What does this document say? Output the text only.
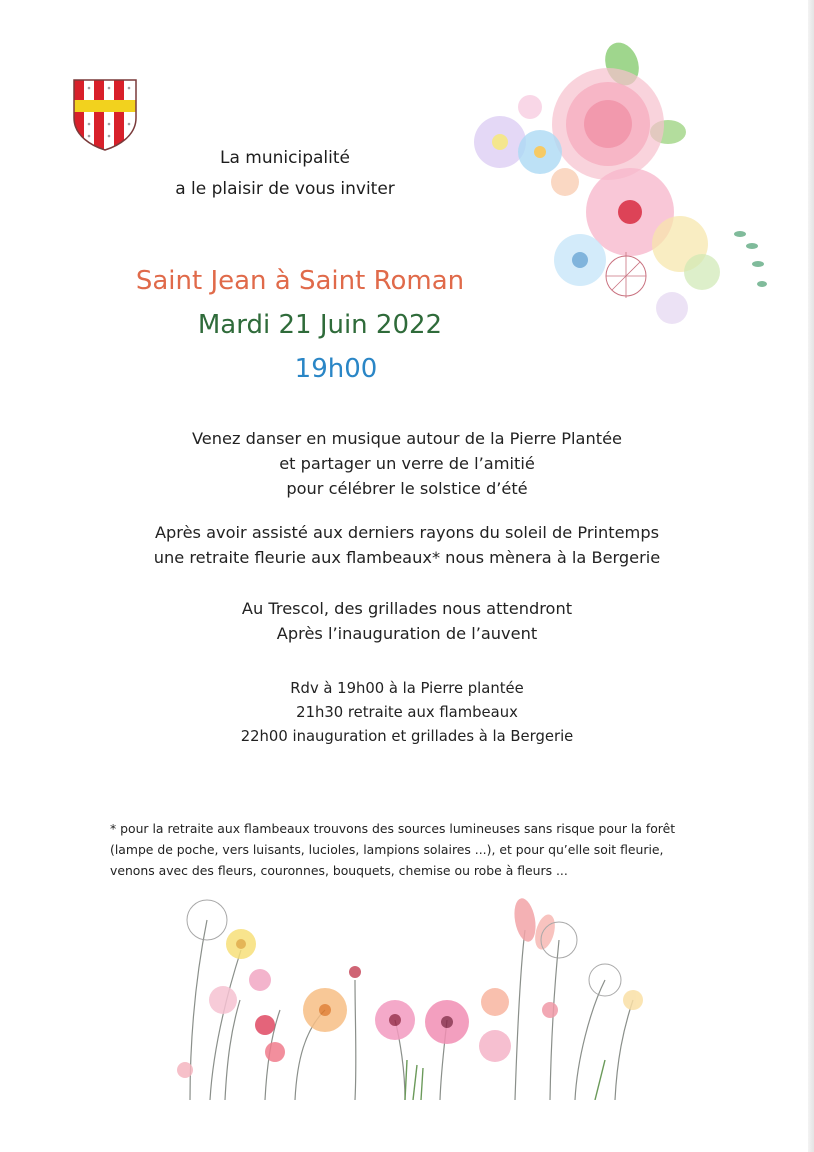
La municipalité
a le plaisir de vous inviter
Saint Jean à Saint Roman
Mardi 21 Juin 2022
19h00
Venez danser en musique autour de la Pierre Plantée
et partager un verre de l’amitié
pour célébrer le solstice d’été
Après avoir assisté aux derniers rayons du soleil de Printemps
une retraite fleurie aux flambeaux* nous mènera à la Bergerie
Au Trescol, des grillades nous attendront
Après l’inauguration de l’auvent
Rdv à 19h00 à la Pierre plantée
21h30 retraite aux flambeaux
22h00 inauguration et grillades à la Bergerie
* pour la retraite aux flambeaux trouvons des sources lumineuses sans risque pour la forêt
(lampe de poche, vers luisants, lucioles, lampions solaires ...), et pour qu’elle soit fleurie,
venons avec des fleurs, couronnes, bouquets, chemise ou robe à fleurs ...
